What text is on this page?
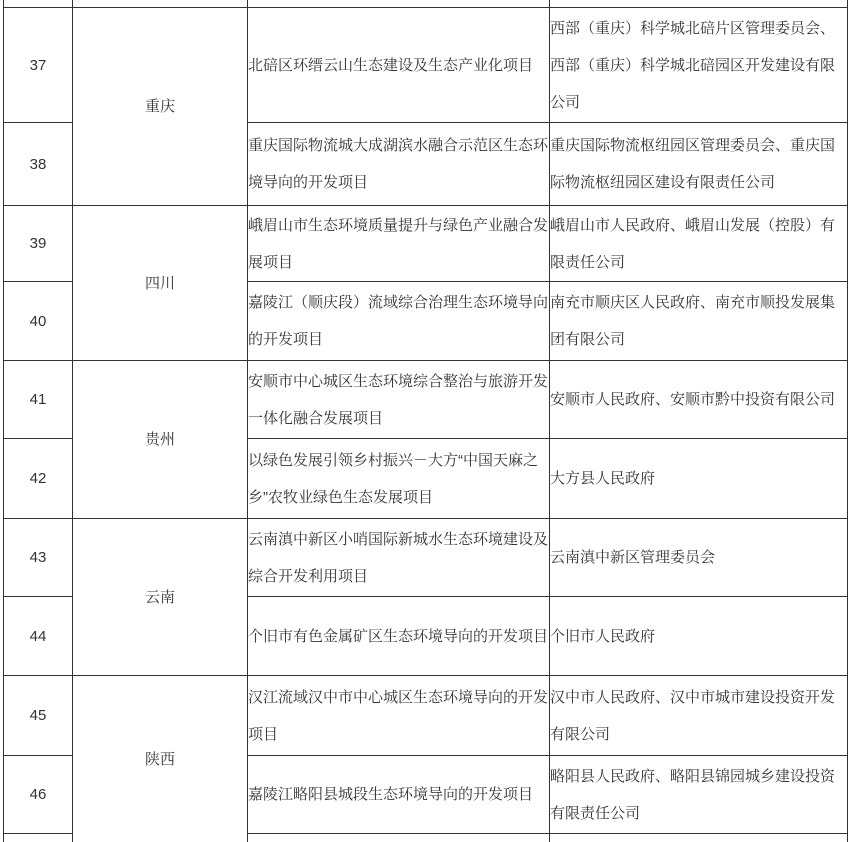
37	重庆	北碚区环缙云山生态建设及生态产业化项目	西部（重庆）科学城北碚片区管理委员会、西部（重庆）科学城北碚园区开发建设有限公司
38		重庆国际物流城大成湖滨水融合示范区生态环境导向的开发项目	重庆国际物流枢纽园区管理委员会、重庆国际物流枢纽园区建设有限责任公司
39	四川	峨眉山市生态环境质量提升与绿色产业融合发展项目	峨眉山市人民政府、峨眉山发展（控股）有限责任公司
40		嘉陵江（顺庆段）流域综合治理生态环境导向的开发项目	南充市顺庆区人民政府、南充市顺投发展集团有限公司
41	贵州	安顺市中心城区生态环境综合整治与旅游开发一体化融合发展项目	安顺市人民政府、安顺市黔中投资有限公司
42		以绿色发展引领乡村振兴－大方“中国天麻之乡”农牧业绿色生态发展项目	大方县人民政府
43	云南	云南滇中新区小哨国际新城水生态环境建设及综合开发利用项目	云南滇中新区管理委员会
44		个旧市有色金属矿区生态环境导向的开发项目	个旧市人民政府
45	陕西	汉江流域汉中市中心城区生态环境导向的开发项目	汉中市人民政府、汉中市城市建设投资开发有限公司
46		嘉陵江略阳县城段生态环境导向的开发项目	略阳县人民政府、略阳县锦园城乡建设投资有限责任公司
